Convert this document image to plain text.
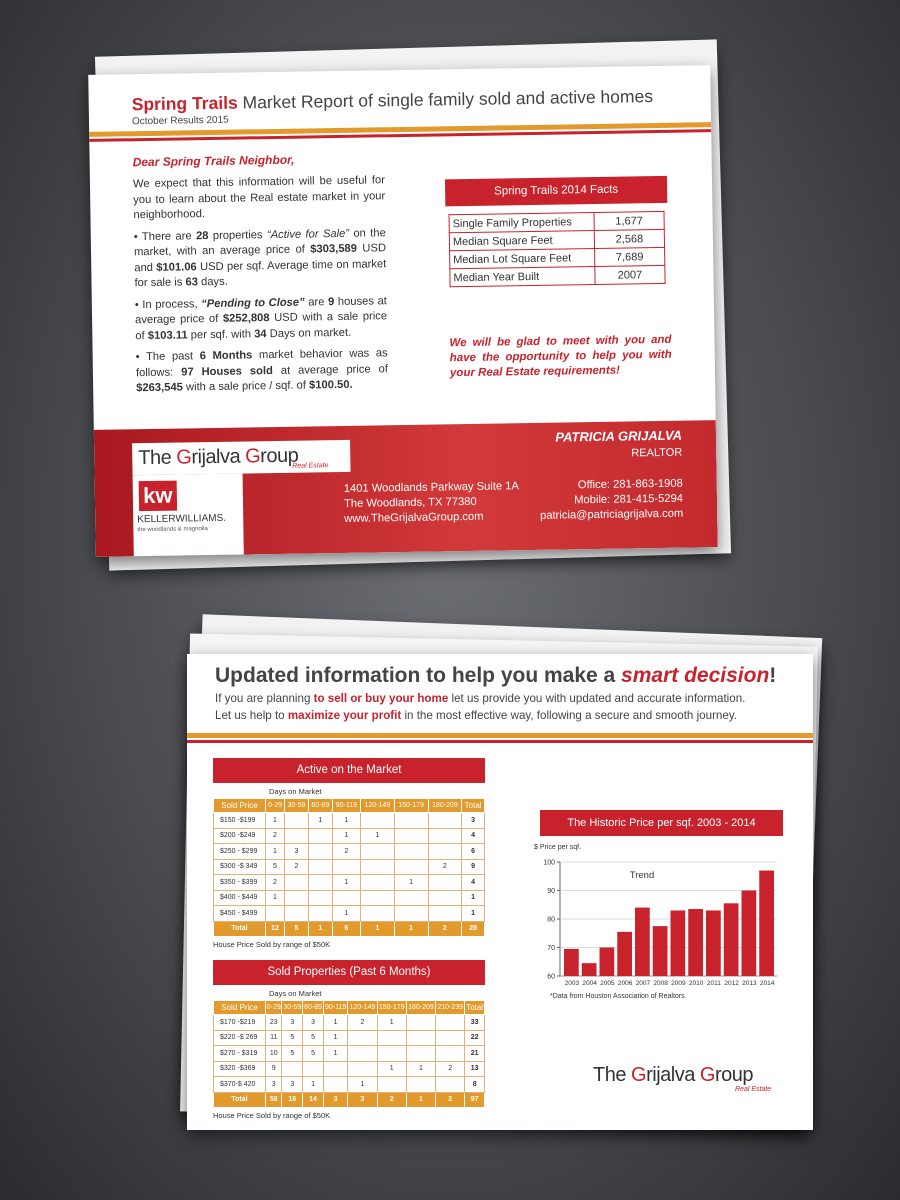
Spring Trails Market Report of single family sold and active homes
October Results 2015
Dear Spring Trails Neighbor,

We expect that this information will be useful for you to learn about the Real estate market in your neighborhood.

• There are 28 properties “Active for Sale” on the market, with an average price of $303,589 USD and $101.06 USD per sqf. Average time on market for sale is 63 days.

• In process, “Pending to Close” are 9 houses at average price of $252,808 USD with a sale price of $103.11 per sqf. with 34 Days on market.

• The past 6 Months market behavior was as follows: 97 Houses sold at average price of $263,545 with a sale price / sqf. of $100.50.

Spring Trails 2014 Facts
Single Family Properties	1,677
Median Square Feet	2,568
Median Lot Square Feet	7,689
Median Year Built	2007
We will be glad to meet with you and have the opportunity to help you with your Real Estate requirements!
The Grijalva Group
Real Estate
kw
KELLERWILLIAMS.
the woodlands & magnolia
PATRICIA GRIJALVA
REALTOR
1401 Woodlands Parkway Suite 1A
The Woodlands, TX 77380
www.TheGrijalvaGroup.com
Office: 281-863-1908
Mobile: 281-415-5294
patricia@patriciagrijalva.com
Updated information to help you make a smart decision!
If you are planning to sell or buy your home let us provide you with updated and accurate information.
Let us help to maximize your profit in the most effective way, following a secure and smooth journey.
Active on the Market
Days on Market
Sold Price	0-29	30-59	60-89	90-119	120-149	150-179	180-209	Total
$150 -$199	1		1	1				3
$200 -$249	2			1	1			4
$250 - $299	1	3		2				6
$300 -$ 349	5	2					2	9
$350 - $399	2			1		1		4
$400 - $449	1							1
$450 - $499				1				1
Total	12	5	1	6	1	1	2	28
House Price Sold by range of $50K
Sold Properties (Past 6 Months)
Days on Market
Sold Price	0-29	30-59	60-89	90-119	120-149	150-179	180-209	210-239	Total
$170 -$219	23	3	3	1	2	1			33
$220 -$ 269	11	5	5	1					22
$270 - $319	10	5	5	1					21
$320 -$369	9					1	1	2	13
$370-$ 420	3	3	1		1				8
Total	56	16	14	3	3	2	1	2	97
House Price Sold by range of $50K
The Historic Price per sqf. 2003 - 2014
$ Price per sqf.
60
70
80
90
100
Trend
2003 2004 2005 2006 2007 2008 2009 2010 2011 2012 2013 2014
*Data from Houston Association of Realtors
The Grijalva Group
Real Estate
